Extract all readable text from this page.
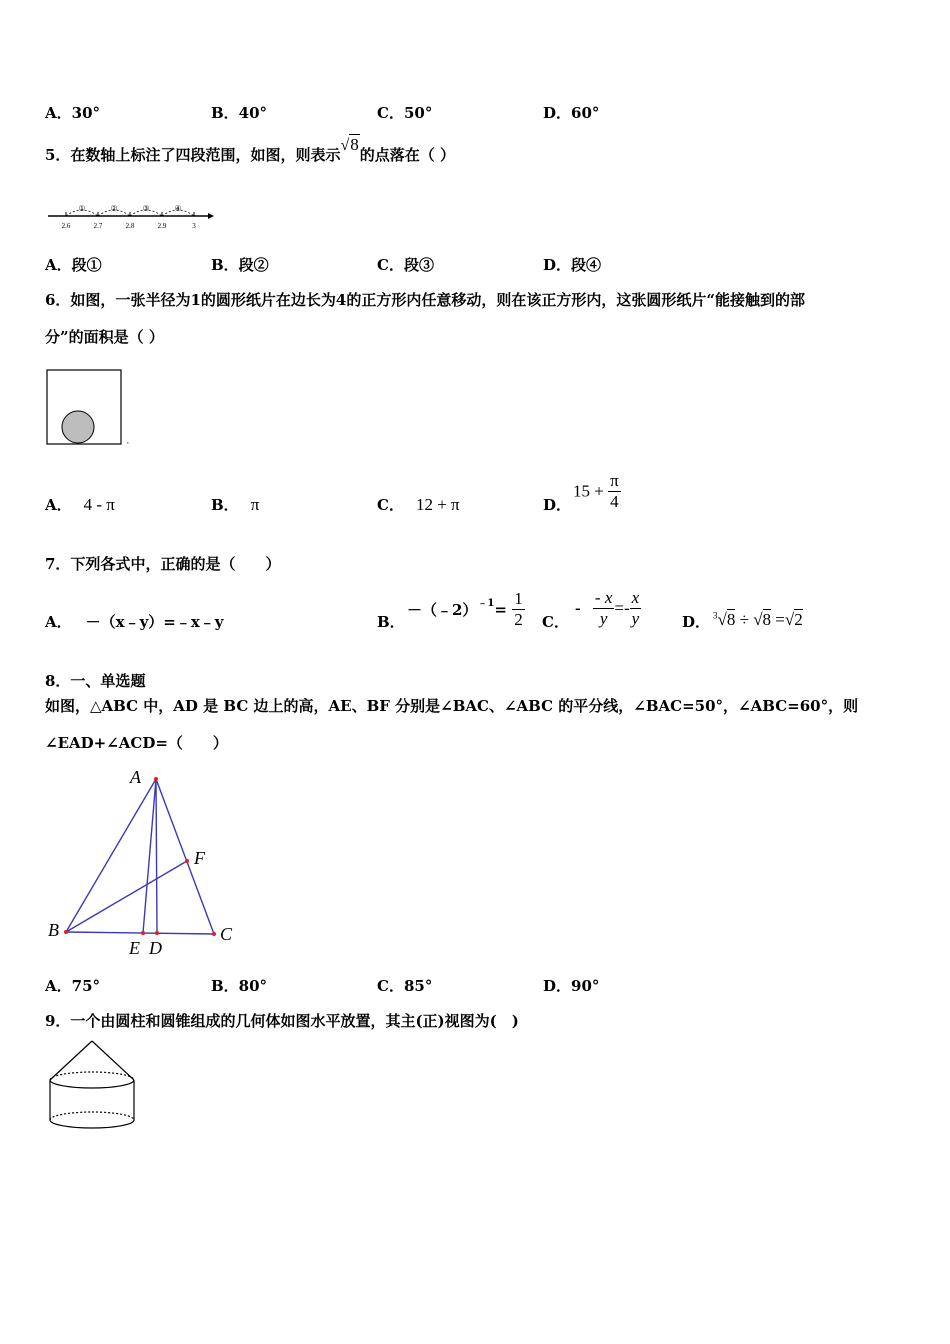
A．30°	B．40°	C．50°	D．60°
5．在数轴上标注了四段范围，如图，则表示√8的点落在（ ）
①	②	③	④
2.6	2.7	2.8	2.9	3
A．段①	B．段②	C．段③	D．段④
6．如图，一张半径为1的圆形纸片在边长为4的正方形内任意移动，则在该正方形内，这张圆形纸片“能接触到的部
分”的面积是（ ）
A． 4 - π	B． π	C． 12 + π	D．
$15 + \frac{\pi}{4}$
7．下列各式中，正确的是（　　）
A． －（x﹣y）=﹣x﹣y	B．
－（﹣2）$^{﹣1}$= $\frac{1}{2}$ C．
- $\frac{- x}{y} =- \frac{x}{y}$	D． $^3$√8 ÷ √8 =√2
8．一、单选题
如图，△ABC 中，AD 是 BC 边上的高，AE、BF 分别是∠BAC、∠ABC 的平分线，∠BAC=50°，∠ABC=60°，则
∠EAD+∠ACD=（　　）
A
B	C
E D
F
A．75°	B．80°	C．85°	D．90°
9．一个由圆柱和圆锥组成的几何体如图水平放置，其主(正)视图为(　)
